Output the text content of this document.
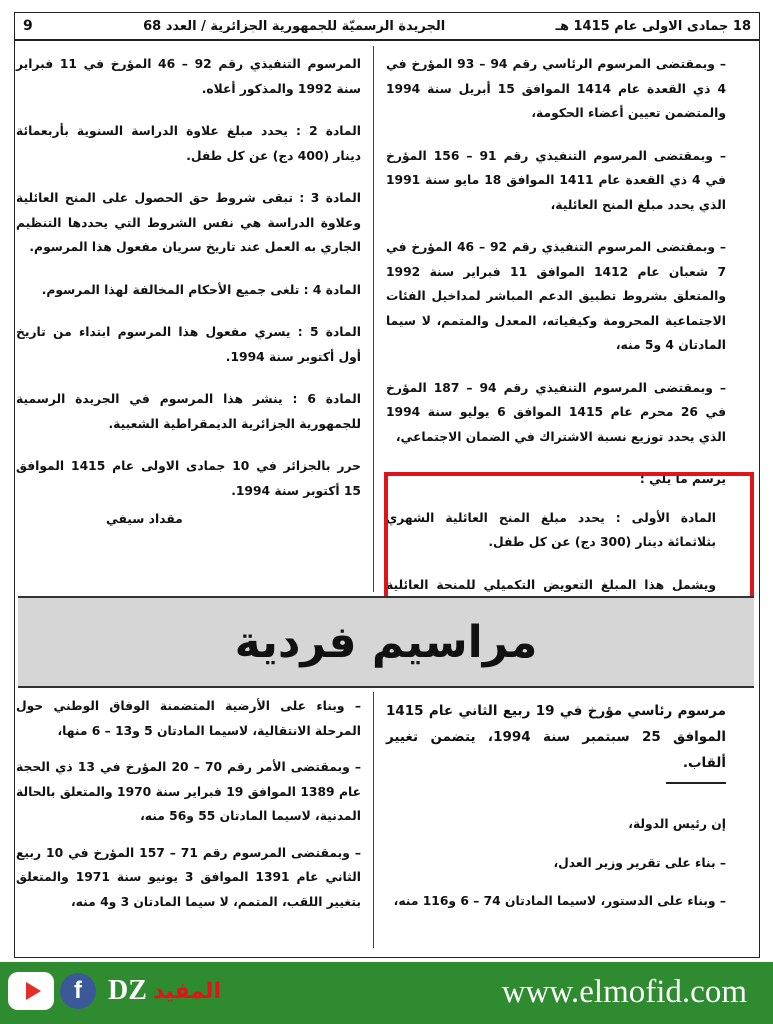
9	الجريدة الرسميّة للجمهورية الجزائرية / العدد 68	18 جمادى الاولى عام 1415 هـ

– وبمقتضى المرسوم الرئاسي رقم 94 – 93 المؤرخ في 4 ذي القعدة عام 1414 الموافق 15 أبريل سنة 1994 والمتضمن تعيين أعضاء الحكومة،

– وبمقتضى المرسوم التنفيذي رقم 91 – 156 المؤرخ في 4 ذي القعدة عام 1411 الموافق 18 مايو سنة 1991 الذي يحدد مبلغ المنح العائلية،

– وبمقتضى المرسوم التنفيذي رقم 92 – 46 المؤرخ في 7 شعبان عام 1412 الموافق 11 فبراير سنة 1992 والمتعلق بشروط تطبيق الدعم المباشر لمداخيل الفئات الاجتماعية المحرومة وكيفياته، المعدل والمتمم، لا سيما المادتان 4 و5 منه،

– وبمقتضى المرسوم التنفيذي رقم 94 – 187 المؤرخ في 26 محرم عام 1415 الموافق 6 يوليو سنة 1994 الذي يحدد توزيع نسبة الاشتراك في الضمان الاجتماعي،

يرسم ما يلي :

المادة الأولى : يحدد مبلغ المنح العائلية الشهري بثلاثمائة دينار (300 دج) عن كل طفل.

ويشمل هذا المبلغ التعويض التكميلي للمنحة العائلية

المرسوم التنفيذي رقم 92 – 46 المؤرخ في 11 فبراير سنة 1992 والمذكور أعلاه.

المادة 2 : يحدد مبلغ علاوة الدراسة السنوية بأربعمائة دينار (400 دج) عن كل طفل.

المادة 3 : تبقى شروط حق الحصول على المنح العائلية وعلاوة الدراسة هي نفس الشروط التي يحددها التنظيم الجاري به العمل عند تاريخ سريان مفعول هذا المرسوم.

المادة 4 : تلغى جميع الأحكام المخالفة لهذا المرسوم.

المادة 5 : يسري مفعول هذا المرسوم ابتداء من تاريخ أول أكتوبر سنة 1994.

المادة 6 : ينشر هذا المرسوم في الجريدة الرسمية للجمهورية الجزائرية الديمقراطية الشعبية.

حرر بالجزائر في 10 جمادى الاولى عام 1415 الموافق 15 أكتوبر سنة 1994.

مقداد سيفي

مراسيم فردية

مرسوم رئاسي مؤرخ في 19 ربيع الثاني عام 1415 الموافق 25 سبتمبر سنة 1994، يتضمن تغيير ألقاب.

إن رئيس الدولة،

– بناء على تقرير وزير العدل،

– وبناء على الدستور، لاسيما المادتان 74 – 6 و116 منه،

– وبناء على الأرضية المتضمنة الوفاق الوطني حول المرحلة الانتقالية، لاسيما المادتان 5 و13 – 6 منها،

– وبمقتضى الأمر رقم 70 – 20 المؤرخ في 13 ذي الحجة عام 1389 الموافق 19 فبراير سنة 1970 والمتعلق بالحالة المدنية، لاسيما المادتان 55 و56 منه،

– وبمقتضى المرسوم رقم 71 – 157 المؤرخ في 10 ربيع الثاني عام 1391 الموافق 3 يونيو سنة 1971 والمتعلق بتغيير اللقب، المتمم، لا سيما المادتان 3 و4 منه،

f DZ المفيد	www.elmofid.com
